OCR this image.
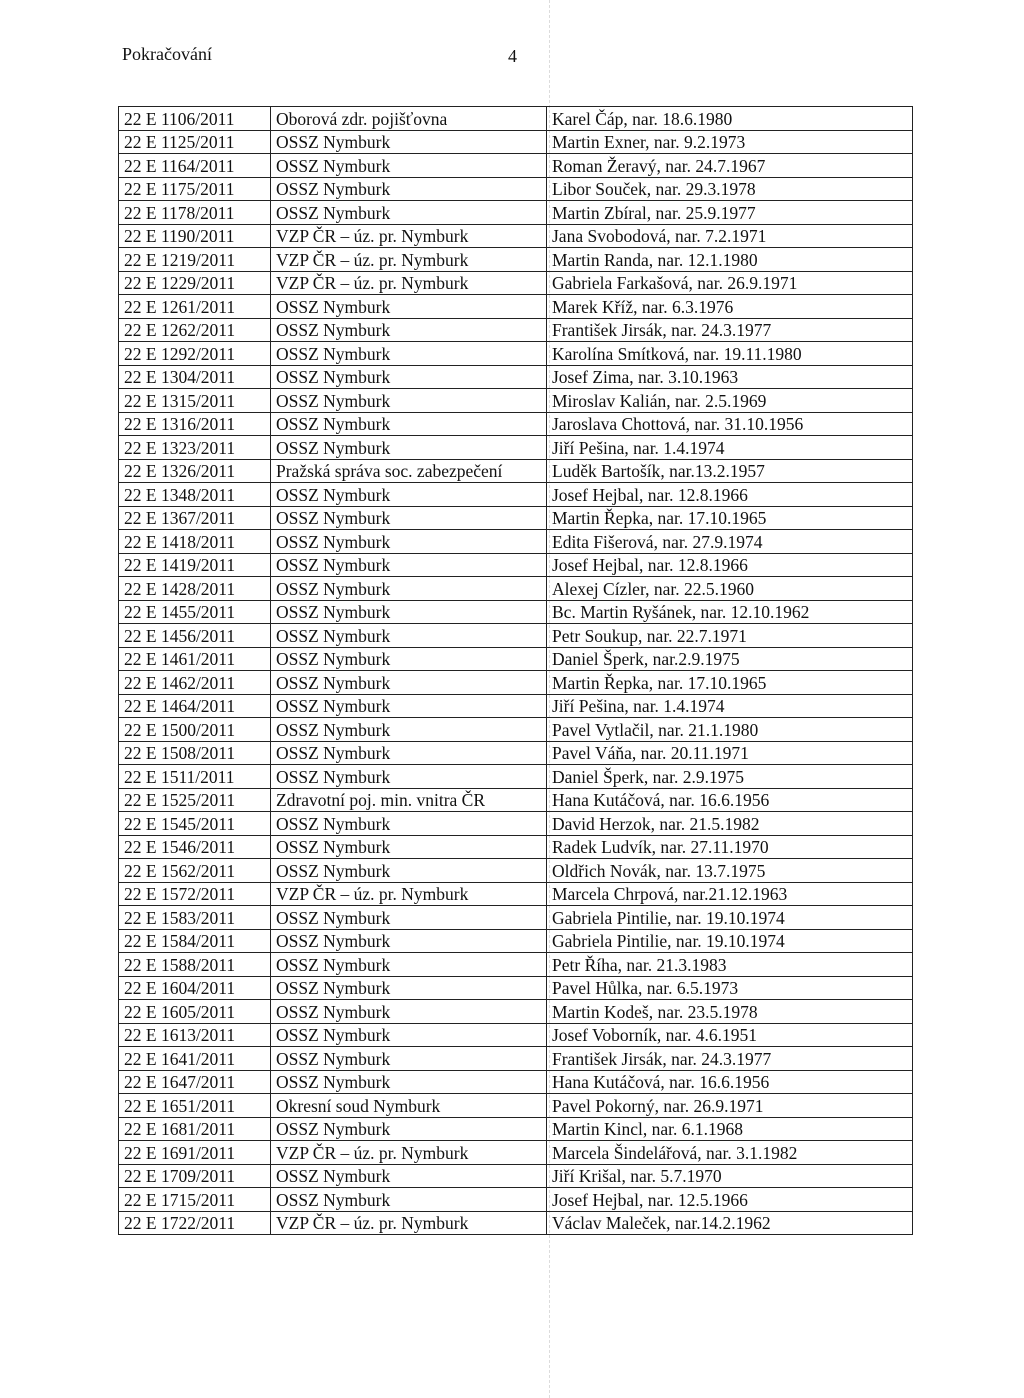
Pokračování	4
22 E 1106/2011	Oborová zdr. pojišťovna	Karel Čáp, nar. 18.6.1980
22 E 1125/2011	OSSZ Nymburk	Martin Exner, nar. 9.2.1973
22 E 1164/2011	OSSZ Nymburk	Roman Žeravý, nar. 24.7.1967
22 E 1175/2011	OSSZ Nymburk	Libor Souček, nar. 29.3.1978
22 E 1178/2011	OSSZ Nymburk	Martin Zbíral, nar. 25.9.1977
22 E 1190/2011	VZP ČR – úz. pr. Nymburk	Jana Svobodová, nar. 7.2.1971
22 E 1219/2011	VZP ČR – úz. pr. Nymburk	Martin Randa, nar. 12.1.1980
22 E 1229/2011	VZP ČR – úz. pr. Nymburk	Gabriela Farkašová, nar. 26.9.1971
22 E 1261/2011	OSSZ Nymburk	Marek Kříž, nar. 6.3.1976
22 E 1262/2011	OSSZ Nymburk	František Jirsák, nar. 24.3.1977
22 E 1292/2011	OSSZ Nymburk	Karolína Smítková, nar. 19.11.1980
22 E 1304/2011	OSSZ Nymburk	Josef Zima, nar. 3.10.1963
22 E 1315/2011	OSSZ Nymburk	Miroslav Kalián, nar. 2.5.1969
22 E 1316/2011	OSSZ Nymburk	Jaroslava Chottová, nar. 31.10.1956
22 E 1323/2011	OSSZ Nymburk	Jiří Pešina, nar. 1.4.1974
22 E 1326/2011	Pražská správa soc. zabezpečení	Luděk Bartošík, nar.13.2.1957
22 E 1348/2011	OSSZ Nymburk	Josef Hejbal, nar. 12.8.1966
22 E 1367/2011	OSSZ Nymburk	Martin Řepka, nar. 17.10.1965
22 E 1418/2011	OSSZ Nymburk	Edita Fišerová, nar. 27.9.1974
22 E 1419/2011	OSSZ Nymburk	Josef Hejbal, nar. 12.8.1966
22 E 1428/2011	OSSZ Nymburk	Alexej Cízler, nar. 22.5.1960
22 E 1455/2011	OSSZ Nymburk	Bc. Martin Ryšánek, nar. 12.10.1962
22 E 1456/2011	OSSZ Nymburk	Petr Soukup, nar. 22.7.1971
22 E 1461/2011	OSSZ Nymburk	Daniel Šperk, nar.2.9.1975
22 E 1462/2011	OSSZ Nymburk	Martin Řepka, nar. 17.10.1965
22 E 1464/2011	OSSZ Nymburk	Jiří Pešina, nar. 1.4.1974
22 E 1500/2011	OSSZ Nymburk	Pavel Vytlačil, nar. 21.1.1980
22 E 1508/2011	OSSZ Nymburk	Pavel Váňa, nar. 20.11.1971
22 E 1511/2011	OSSZ Nymburk	Daniel Šperk, nar. 2.9.1975
22 E 1525/2011	Zdravotní poj. min. vnitra ČR	Hana Kutáčová, nar. 16.6.1956
22 E 1545/2011	OSSZ Nymburk	David Herzok, nar. 21.5.1982
22 E 1546/2011	OSSZ Nymburk	Radek Ludvík, nar. 27.11.1970
22 E 1562/2011	OSSZ Nymburk	Oldřich Novák, nar. 13.7.1975
22 E 1572/2011	VZP ČR – úz. pr. Nymburk	Marcela Chrpová, nar.21.12.1963
22 E 1583/2011	OSSZ Nymburk	Gabriela Pintilie, nar. 19.10.1974
22 E 1584/2011	OSSZ Nymburk	Gabriela Pintilie, nar. 19.10.1974
22 E 1588/2011	OSSZ Nymburk	Petr Říha, nar. 21.3.1983
22 E 1604/2011	OSSZ Nymburk	Pavel Hůlka, nar. 6.5.1973
22 E 1605/2011	OSSZ Nymburk	Martin Kodeš, nar. 23.5.1978
22 E 1613/2011	OSSZ Nymburk	Josef Voborník, nar. 4.6.1951
22 E 1641/2011	OSSZ Nymburk	František Jirsák, nar. 24.3.1977
22 E 1647/2011	OSSZ Nymburk	Hana Kutáčová, nar. 16.6.1956
22 E 1651/2011	Okresní soud Nymburk	Pavel Pokorný, nar. 26.9.1971
22 E 1681/2011	OSSZ Nymburk	Martin Kincl, nar. 6.1.1968
22 E 1691/2011	VZP ČR – úz. pr. Nymburk	Marcela Šindelářová, nar. 3.1.1982
22 E 1709/2011	OSSZ Nymburk	Jiří Krišal, nar. 5.7.1970
22 E 1715/2011	OSSZ Nymburk	Josef Hejbal, nar. 12.5.1966
22 E 1722/2011	VZP ČR – úz. pr. Nymburk	Václav Maleček, nar.14.2.1962
